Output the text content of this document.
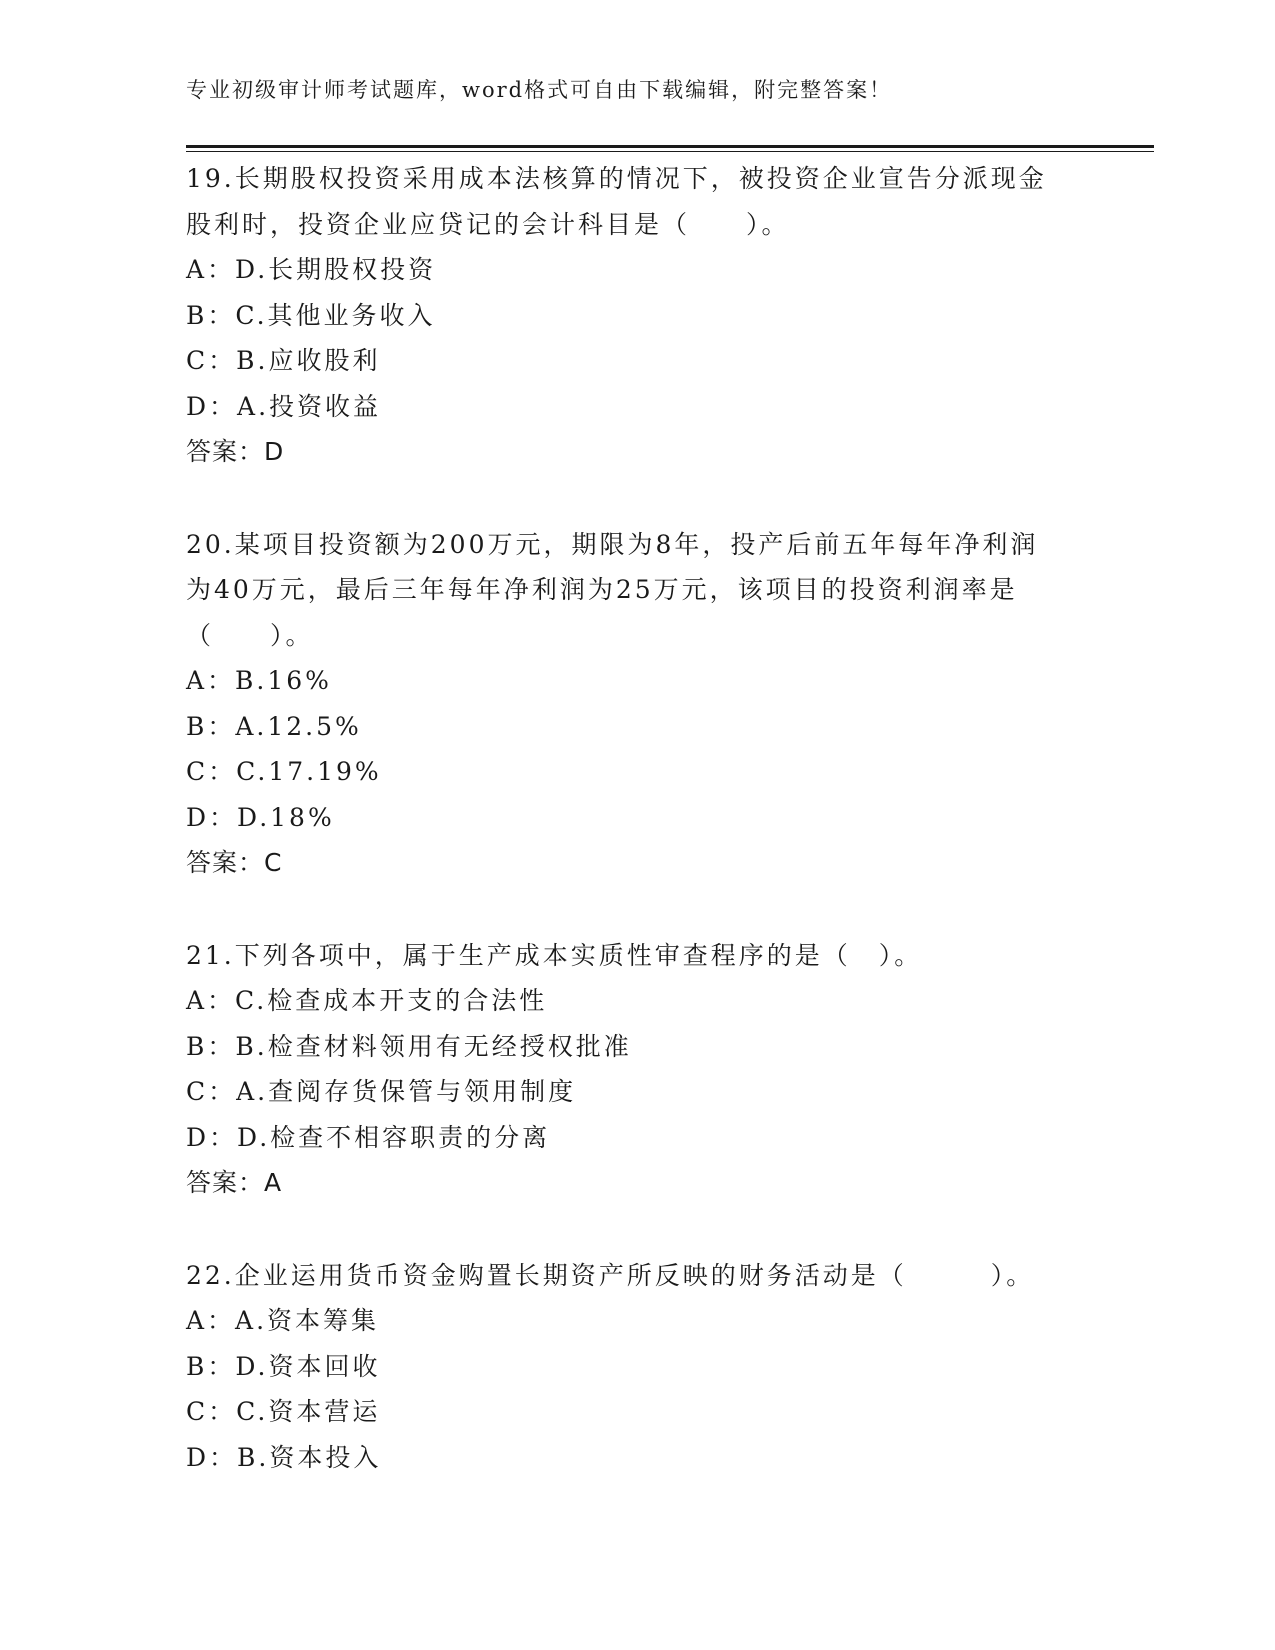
专业初级审计师考试题库，word格式可自由下载编辑，附完整答案！
19.长期股权投资采用成本法核算的情况下，被投资企业宣告分派现金
股利时，投资企业应贷记的会计科目是（　　）。
A：D.长期股权投资
B：C.其他业务收入
C：B.应收股利
D：A.投资收益
答案：D
20.某项目投资额为200万元，期限为8年，投产后前五年每年净利润
为40万元，最后三年每年净利润为25万元，该项目的投资利润率是
（　　）。
A：B.16%
B：A.12.5%
C：C.17.19%
D：D.18%
答案：C
21.下列各项中，属于生产成本实质性审查程序的是（　）。
A：C.检查成本开支的合法性
B：B.检查材料领用有无经授权批准
C：A.查阅存货保管与领用制度
D：D.检查不相容职责的分离
答案：A
22.企业运用货币资金购置长期资产所反映的财务活动是（　　　）。
A：A.资本筹集
B：D.资本回收
C：C.资本营运
D：B.资本投入
